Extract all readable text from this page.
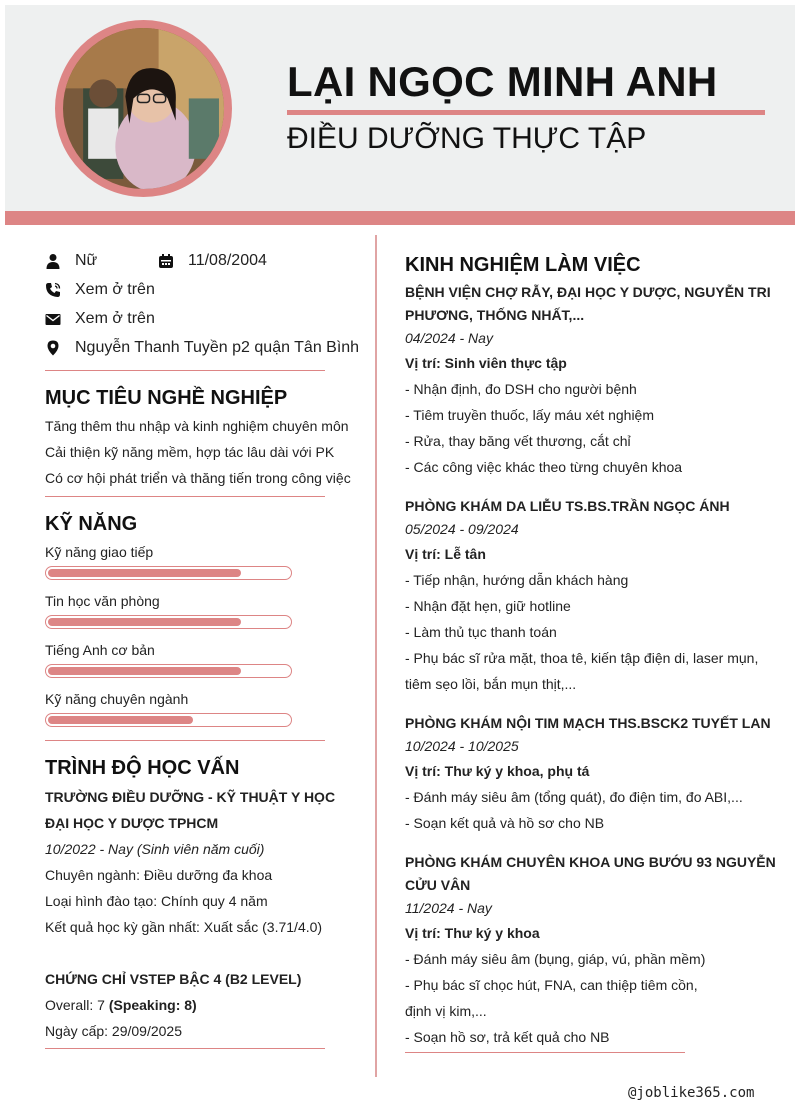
LẠI NGỌC MINH ANH
ĐIỀU DƯỠNG THỰC TẬP
Nữ	11/08/2004
Xem ở trên
Xem ở trên
Nguyễn Thanh Tuyền p2 quận Tân Bình
MỤC TIÊU NGHỀ NGHIỆP
Tăng thêm thu nhập và kinh nghiệm chuyên môn
Cải thiện kỹ năng mềm, hợp tác lâu dài với PK
Có cơ hội phát triển và thăng tiến trong công việc
KỸ NĂNG
Kỹ năng giao tiếp
Tin học văn phòng
Tiếng Anh cơ bản
Kỹ năng chuyên ngành
TRÌNH ĐỘ HỌC VẤN
TRƯỜNG ĐIỀU DƯỠNG - KỸ THUẬT Y HỌC
ĐẠI HỌC Y DƯỢC TPHCM
10/2022 - Nay (Sinh viên năm cuối)
Chuyên ngành: Điều dưỡng đa khoa
Loại hình đào tạo: Chính quy 4 năm
Kết quả học kỳ gần nhất: Xuất sắc (3.71/4.0)
CHỨNG CHỈ VSTEP BẬC 4 (B2 LEVEL)
Overall: 7 (Speaking: 8)
Ngày cấp: 29/09/2025
KINH NGHIỆM LÀM VIỆC
BỆNH VIỆN CHỢ RẪY, ĐẠI HỌC Y DƯỢC, NGUYỄN TRI
PHƯƠNG, THỐNG NHẤT,...
04/2024 - Nay
Vị trí: Sinh viên thực tập
- Nhận định, đo DSH cho người bệnh
- Tiêm truyền thuốc, lấy máu xét nghiệm
- Rửa, thay băng vết thương, cắt chỉ
- Các công việc khác theo từng chuyên khoa
PHÒNG KHÁM DA LIỄU TS.BS.TRẦN NGỌC ÁNH
05/2024 - 09/2024
Vị trí: Lễ tân
- Tiếp nhận, hướng dẫn khách hàng
- Nhận đặt hẹn, giữ hotline
- Làm thủ tục thanh toán
- Phụ bác sĩ rửa mặt, thoa tê, kiến tập điện di, laser mụn,
tiêm sẹo lồi, bắn mụn thịt,...
PHÒNG KHÁM NỘI TIM MẠCH THS.BSCK2 TUYẾT LAN
10/2024 - 10/2025
Vị trí: Thư ký y khoa, phụ tá
- Đánh máy siêu âm (tổng quát), đo điện tim, đo ABI,...
- Soạn kết quả và hồ sơ cho NB
PHÒNG KHÁM CHUYÊN KHOA UNG BƯỚU 93 NGUYỄN
CỬU VÂN
11/2024 - Nay
Vị trí: Thư ký y khoa
- Đánh máy siêu âm (bụng, giáp, vú, phần mềm)
- Phụ bác sĩ chọc hút, FNA, can thiệp tiêm cồn,
định vị kim,...
- Soạn hồ sơ, trả kết quả cho NB
@joblike365.com
